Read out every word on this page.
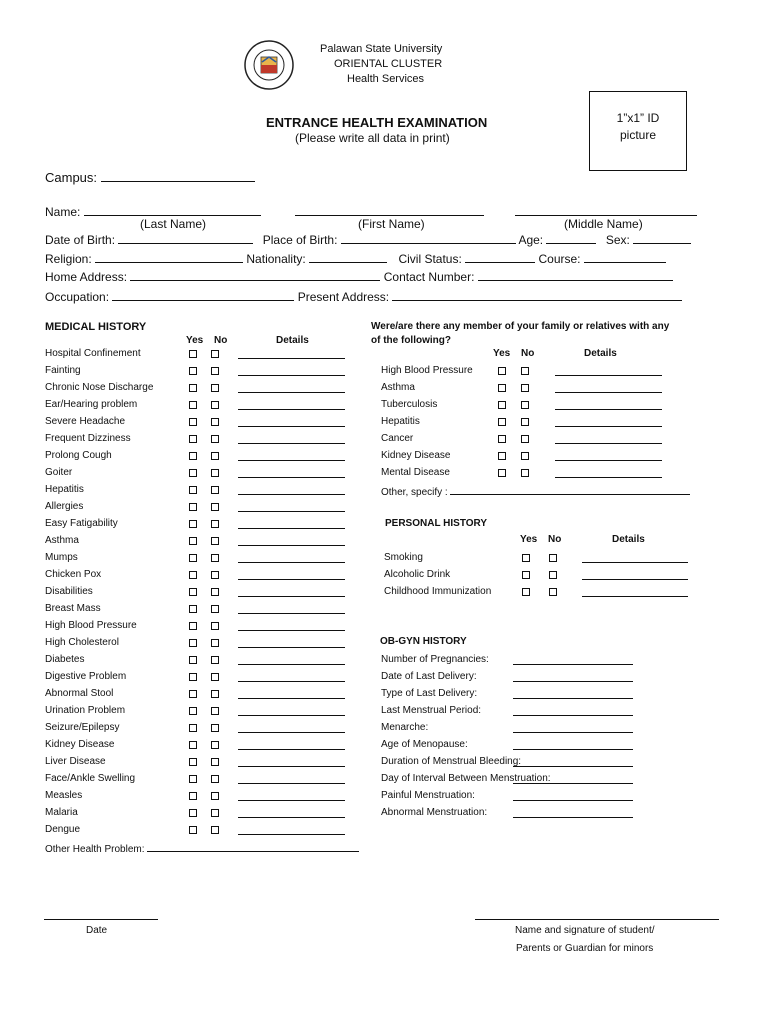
Palawan State University
ORIENTAL CLUSTER
Health Services
ENTRANCE HEALTH EXAMINATION
(Please write all data in print)
1”x1” ID
picture
Campus:
Name:
(Last Name)	(First Name)	(Middle Name)
Date of Birth:	Place of Birth:	Age:	Sex:
Religion:	Nationality:	Civil Status:	Course:
Home Address:	Contact Number:
Occupation:	Present Address:
MEDICAL HISTORY
Yes No	Details
Hospital Confinement
Fainting
Chronic Nose Discharge
Ear/Hearing problem
Severe Headache
Frequent Dizziness
Prolong Cough
Goiter
Hepatitis
Allergies
Easy Fatigability
Asthma
Mumps
Chicken Pox
Disabilities
Breast Mass
High Blood Pressure
High Cholesterol
Diabetes
Digestive Problem
Abnormal Stool
Urination Problem
Seizure/Epilepsy
Kidney Disease
Liver Disease
Face/Ankle Swelling
Measles
Malaria
Dengue
Other Health Problem:
Were/are there any member of your family or relatives with any
of the following?
Yes No	Details
High Blood Pressure
Asthma
Tuberculosis
Hepatitis
Cancer
Kidney Disease
Mental Disease
Other, specify :
PERSONAL HISTORY
Yes No	Details
Smoking
Alcoholic Drink
Childhood Immunization
OB-GYN HISTORY
Number of Pregnancies:
Date of Last Delivery:
Type of Last Delivery:
Last Menstrual Period:
Menarche:
Age of Menopause:
Duration of Menstrual Bleeding:
Day of Interval Between Menstruation:
Painful Menstruation:
Abnormal Menstruation:
Date	Name and signature of student/
Parents or Guardian for minors
